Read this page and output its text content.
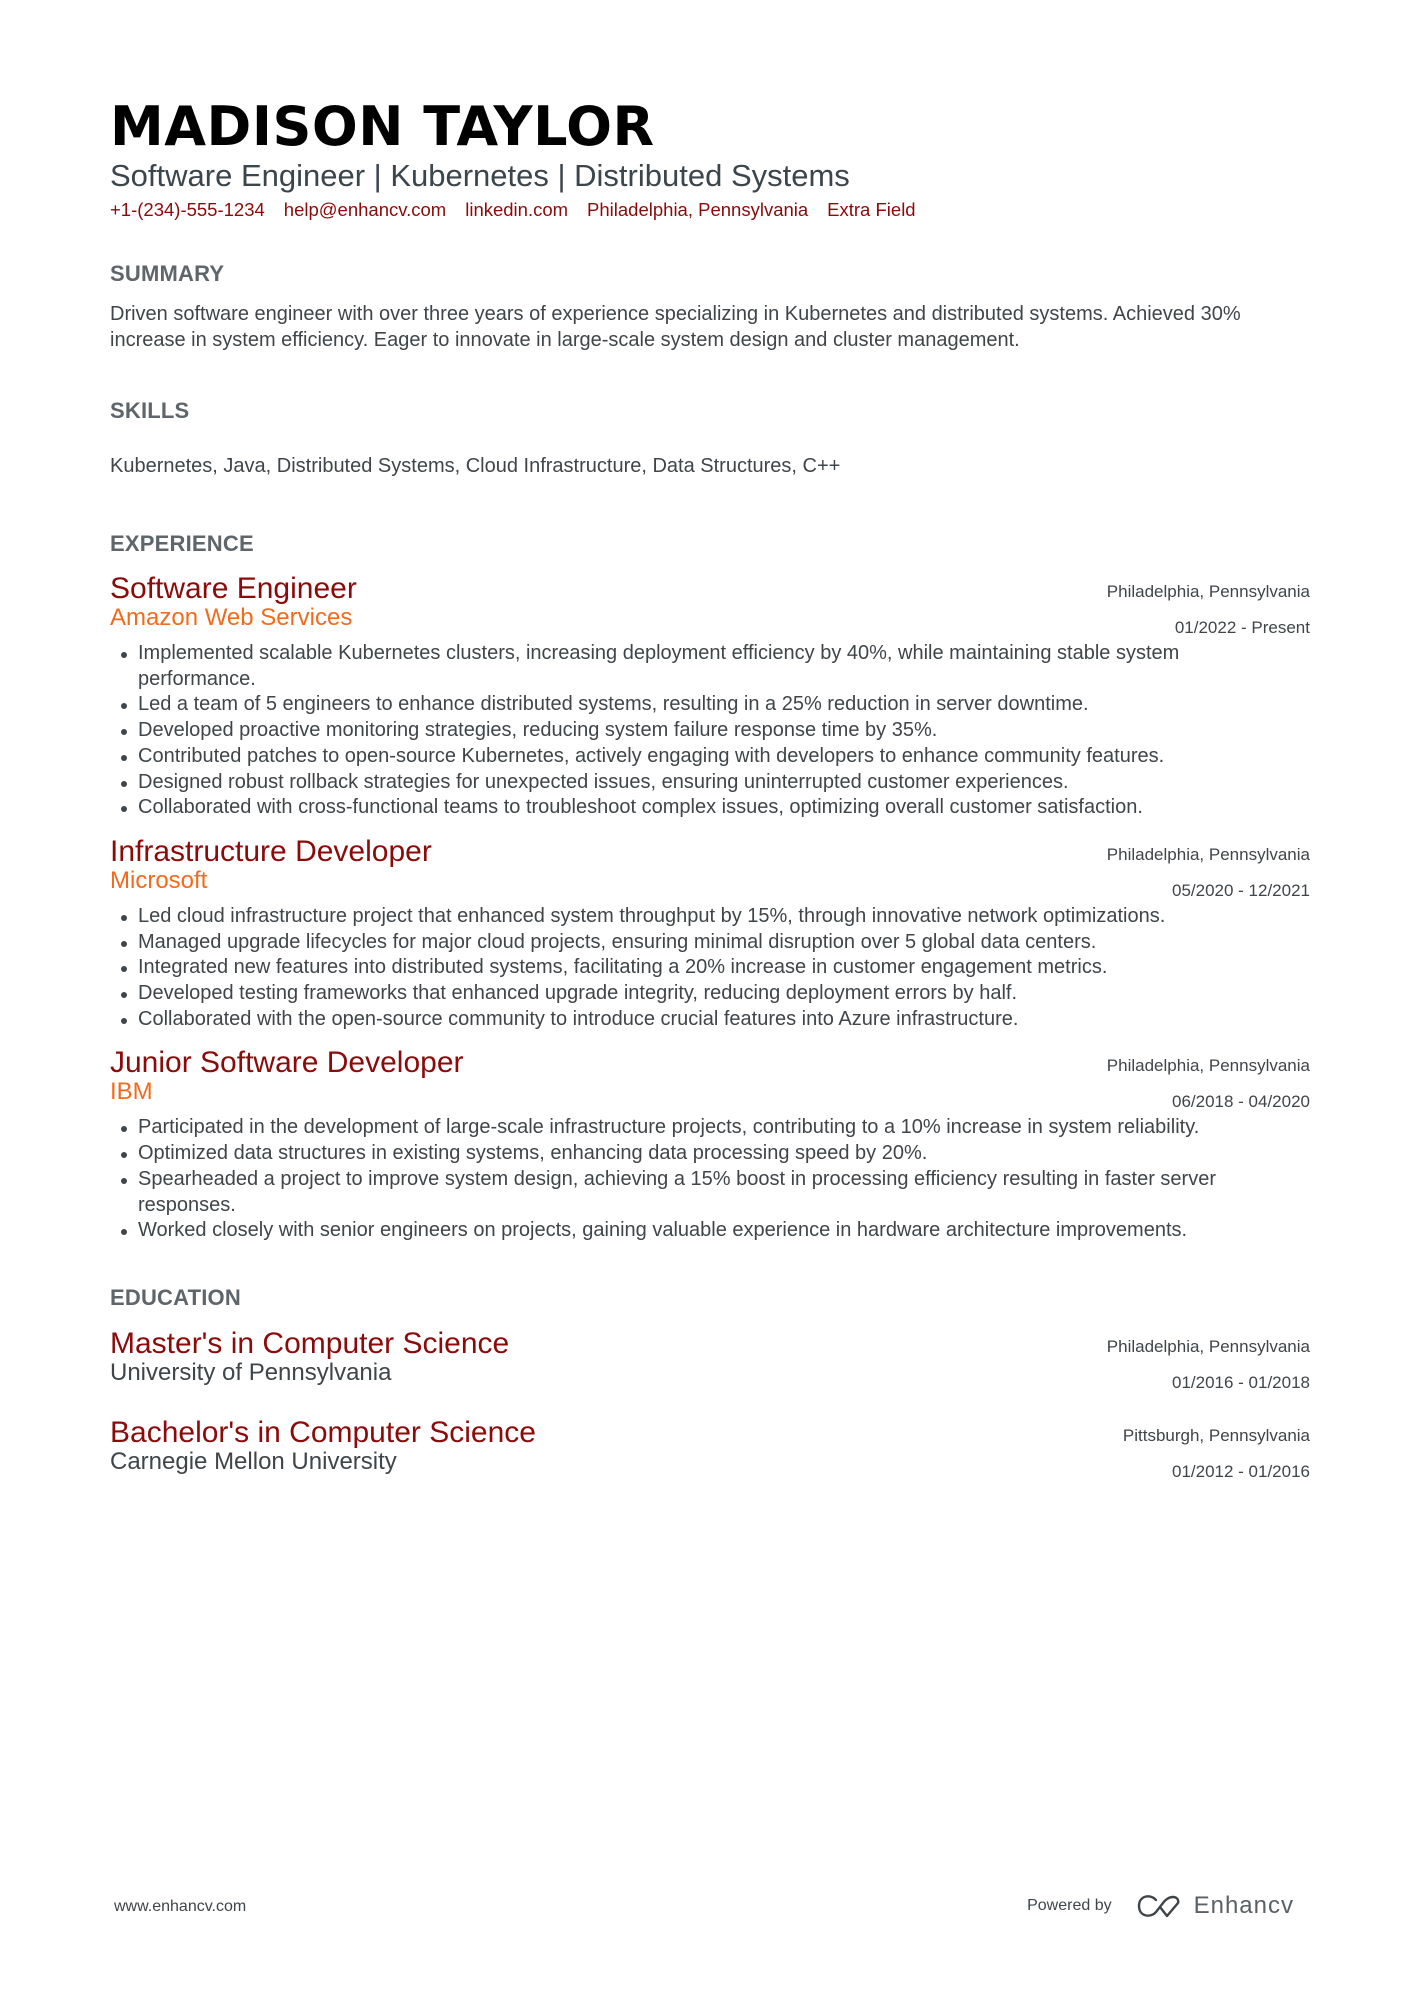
MADISON TAYLOR
Software Engineer | Kubernetes | Distributed Systems
+1-(234)-555-1234 help@enhancv.com linkedin.com Philadelphia, Pennsylvania Extra Field
SUMMARY

Driven software engineer with over three years of experience specializing in Kubernetes and distributed systems. Achieved 30% increase in system efficiency. Eager to innovate in large-scale system design and cluster management.

SKILLS

Kubernetes, Java, Distributed Systems, Cloud Infrastructure, Data Structures, C++

EXPERIENCE
Software Engineer
Amazon Web Services
Philadelphia, Pennsylvania
01/2022 - Present
Implemented scalable Kubernetes clusters, increasing deployment efficiency by 40%, while maintaining stable system performance.
Led a team of 5 engineers to enhance distributed systems, resulting in a 25% reduction in server downtime.
Developed proactive monitoring strategies, reducing system failure response time by 35%.
Contributed patches to open-source Kubernetes, actively engaging with developers to enhance community features.
Designed robust rollback strategies for unexpected issues, ensuring uninterrupted customer experiences.
Collaborated with cross-functional teams to troubleshoot complex issues, optimizing overall customer satisfaction.
Infrastructure Developer
Microsoft
Philadelphia, Pennsylvania
05/2020 - 12/2021
Led cloud infrastructure project that enhanced system throughput by 15%, through innovative network optimizations.
Managed upgrade lifecycles for major cloud projects, ensuring minimal disruption over 5 global data centers.
Integrated new features into distributed systems, facilitating a 20% increase in customer engagement metrics.
Developed testing frameworks that enhanced upgrade integrity, reducing deployment errors by half.
Collaborated with the open-source community to introduce crucial features into Azure infrastructure.
Junior Software Developer
IBM
Philadelphia, Pennsylvania
06/2018 - 04/2020
Participated in the development of large-scale infrastructure projects, contributing to a 10% increase in system reliability.
Optimized data structures in existing systems, enhancing data processing speed by 20%.
Spearheaded a project to improve system design, achieving a 15% boost in processing efficiency resulting in faster server responses.
Worked closely with senior engineers on projects, gaining valuable experience in hardware architecture improvements.
EDUCATION
Master's in Computer Science
University of Pennsylvania
Philadelphia, Pennsylvania
01/2016 - 01/2018
Bachelor's in Computer Science
Carnegie Mellon University
Pittsburgh, Pennsylvania
01/2012 - 01/2016
www.enhancv.com	Powered by	Enhancv
